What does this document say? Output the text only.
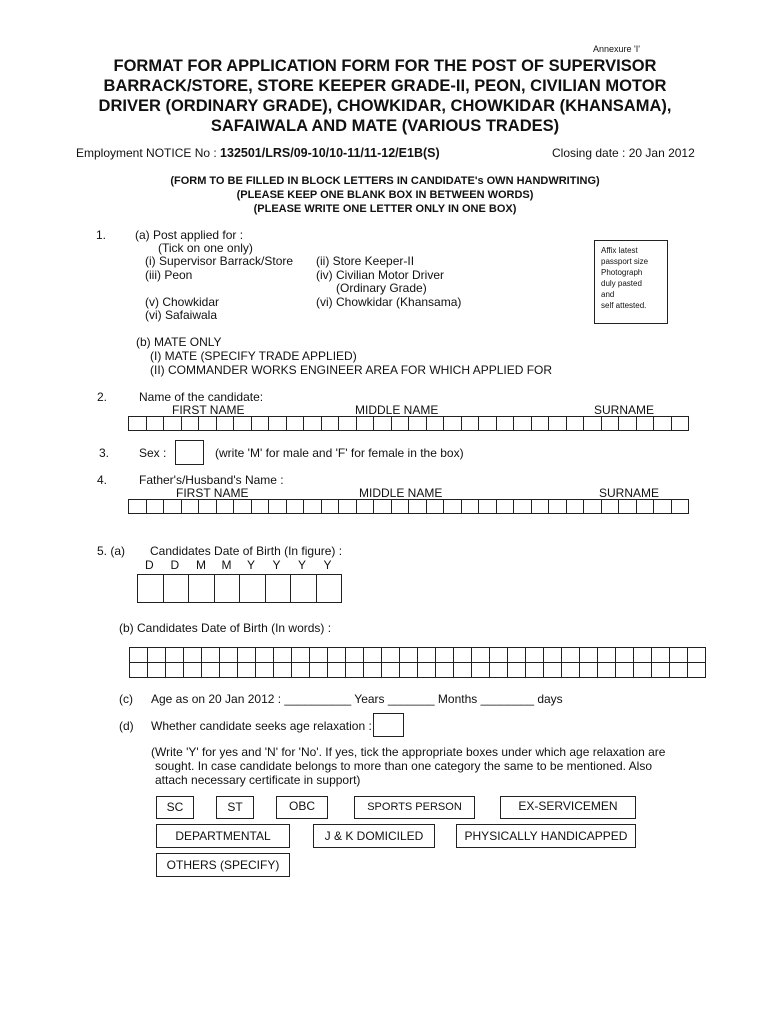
Annexure 'I'
FORMAT FOR APPLICATION FORM FOR THE POST OF SUPERVISOR
BARRACK/STORE, STORE KEEPER GRADE-II, PEON, CIVILIAN MOTOR
DRIVER (ORDINARY GRADE), CHOWKIDAR, CHOWKIDAR (KHANSAMA),
SAFAIWALA AND MATE (VARIOUS TRADES)
Employment NOTICE No : 132501/LRS/09-10/10-11/11-12/E1B(S)	Closing date : 20 Jan 2012
(FORM TO BE FILLED IN BLOCK LETTERS IN CANDIDATE's OWN HANDWRITING)
(PLEASE KEEP ONE BLANK BOX IN BETWEEN WORDS)
(PLEASE WRITE ONE LETTER ONLY IN ONE BOX)
1. (a) Post applied for :
(Tick on one only)
(i) Supervisor Barrack/Store (ii) Store Keeper-II
(iii) Peon	(iv) Civilian Motor Driver
(Ordinary Grade)
(v) Chowkidar	(vi) Chowkidar (Khansama)
(vi) Safaiwala
(b) MATE ONLY
(I) MATE (SPECIFY TRADE APPLIED)
(II) COMMANDER WORKS ENGINEER AREA FOR WHICH APPLIED FOR
Affix latest
passport size
Photograph
duly pasted
and
self attested.
2.	Name of the candidate:
FIRST NAME	MIDDLE NAME	SURNAME
3. Sex :	(write 'M' for male and 'F' for female in the box)
4.	Father's/Husband's Name :
FIRST NAME	MIDDLE NAME	SURNAME
5. (a) Candidates Date of Birth (In figure) :
D D M M Y Y Y Y
(b) Candidates Date of Birth (In words) :
(c) Age as on 20 Jan 2012 : __________ Years _______ Months ________ days
(d) Whether candidate seeks age relaxation :
(Write 'Y' for yes and 'N' for 'No'. If yes, tick the appropriate boxes under which age relaxation are
sought. In case candidate belongs to more than one category the same to be mentioned. Also
attach necessary certificate in support)
SC	ST	OBC	SPORTS PERSON	EX-SERVICEMEN
DEPARTMENTAL	J & K DOMICILED	PHYSICALLY HANDICAPPED
OTHERS (SPECIFY)
